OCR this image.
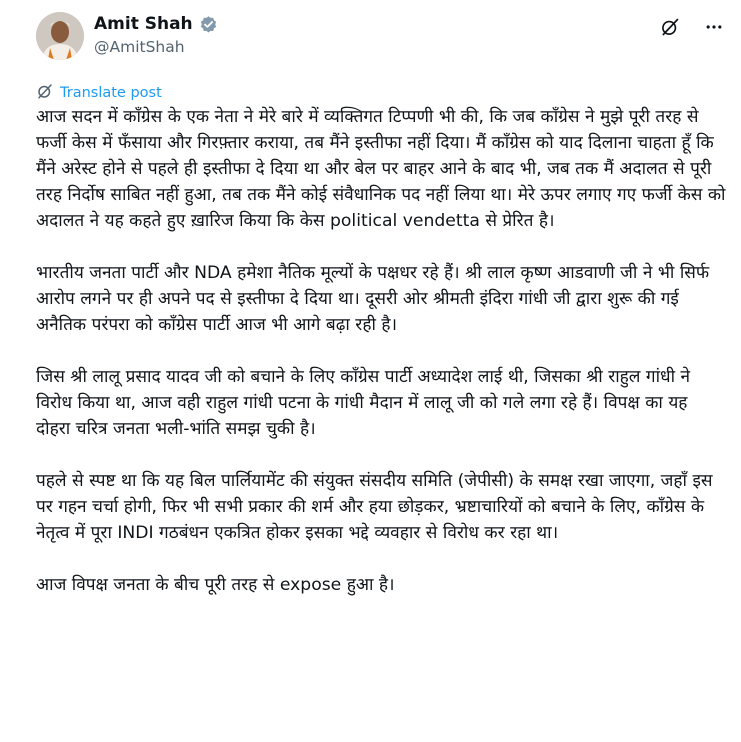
Amit Shah
@AmitShah
Translate post

आज सदन में काँग्रेस के एक नेता ने मेरे बारे में व्यक्तिगत टिप्पणी भी की, कि जब काँग्रेस ने मुझे पूरी तरह से फर्जी केस में फँसाया और गिरफ़्तार कराया, तब मैंने इस्तीफा नहीं दिया। मैं काँग्रेस को याद दिलाना चाहता हूँ कि मैंने अरेस्ट होने से पहले ही इस्तीफा दे दिया था और बेल पर बाहर आने के बाद भी, जब तक मैं अदालत से पूरी तरह निर्दोष साबित नहीं हुआ, तब तक मैंने कोई संवैधानिक पद नहीं लिया था। मेरे ऊपर लगाए गए फर्जी केस को अदालत ने यह कहते हुए ख़ारिज किया कि केस political vendetta से प्रेरित है।

भारतीय जनता पार्टी और NDA हमेशा नैतिक मूल्यों के पक्षधर रहे हैं। श्री लाल कृष्ण आडवाणी जी ने भी सिर्फ आरोप लगने पर ही अपने पद से इस्तीफा दे दिया था। दूसरी ओर श्रीमती इंदिरा गांधी जी द्वारा शुरू की गई अनैतिक परंपरा को काँग्रेस पार्टी आज भी आगे बढ़ा रही है।

जिस श्री लालू प्रसाद यादव जी को बचाने के लिए काँग्रेस पार्टी अध्यादेश लाई थी, जिसका श्री राहुल गांधी ने विरोध किया था, आज वही राहुल गांधी पटना के गांधी मैदान में लालू जी को गले लगा रहे हैं। विपक्ष का यह दोहरा चरित्र जनता भली-भांति समझ चुकी है।

पहले से स्पष्ट था कि यह बिल पार्लियामेंट की संयुक्त संसदीय समिति (जेपीसी) के समक्ष रखा जाएगा, जहाँ इस पर गहन चर्चा होगी, फिर भी सभी प्रकार की शर्म और हया छोड़कर, भ्रष्टाचारियों को बचाने के लिए, काँग्रेस के नेतृत्व में पूरा INDI गठबंधन एकत्रित होकर इसका भद्दे व्यवहार से विरोध कर रहा था।

आज विपक्ष जनता के बीच पूरी तरह से expose हुआ है।
